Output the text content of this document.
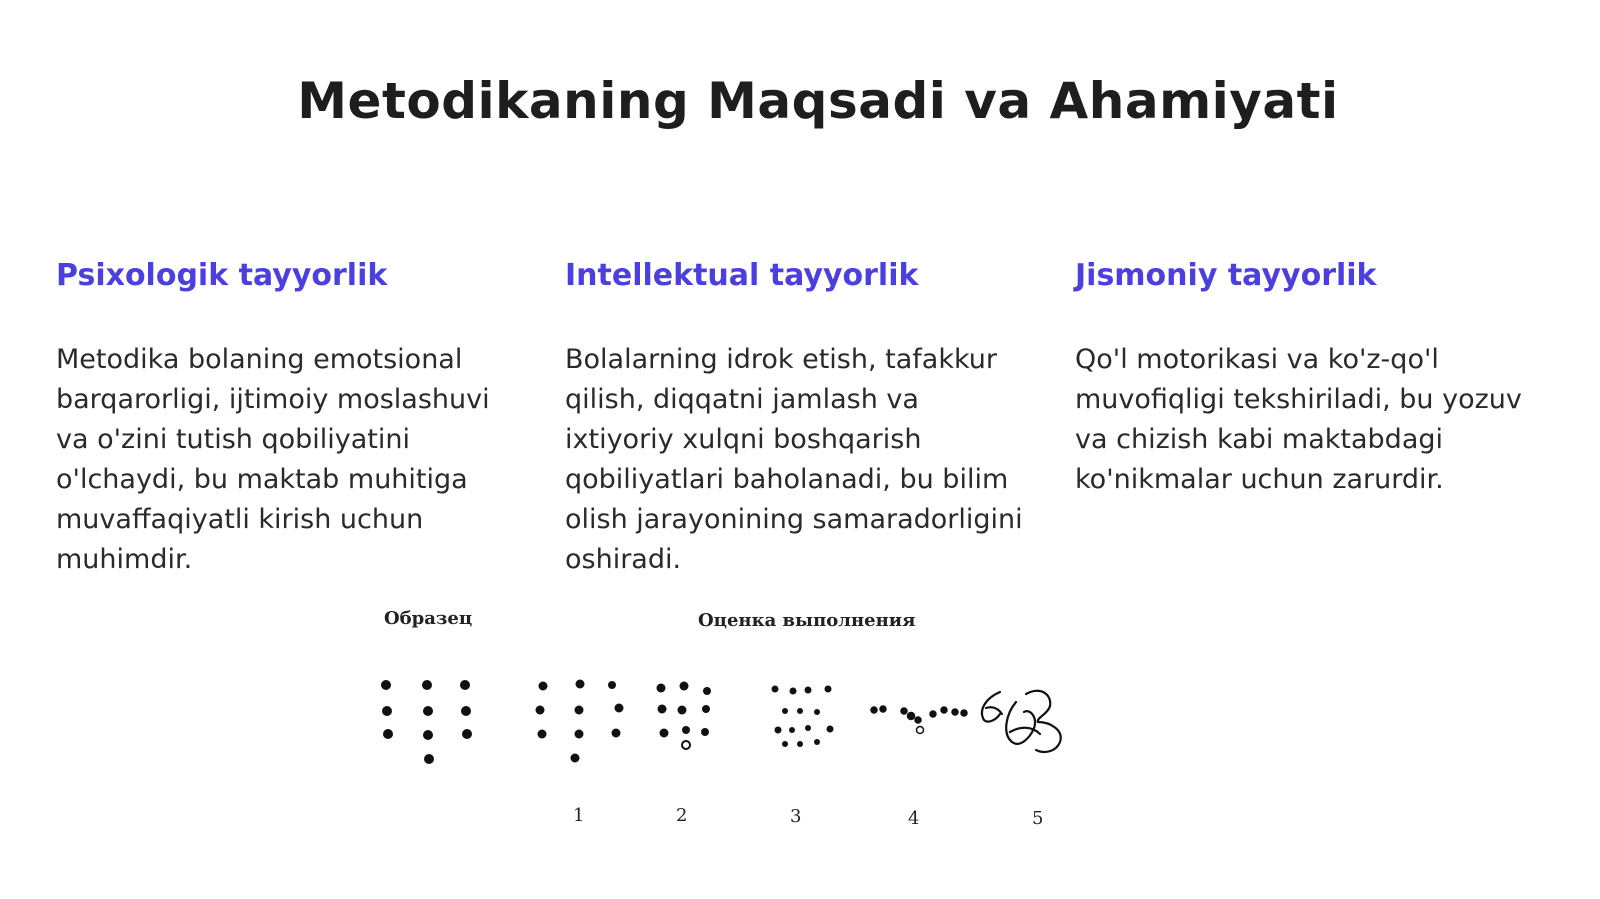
Metodikaning Maqsadi va Ahamiyati
Psixologik tayyorlik

Metodika bolaning emotsional barqarorligi, ijtimoiy moslashuvi va o'zini tutish qobiliyatini o'lchaydi, bu maktab muhitiga muvaffaqiyatli kirish uchun muhimdir.

Intellektual tayyorlik

Bolalarning idrok etish, tafakkur qilish, diqqatni jamlash va ixtiyoriy xulqni boshqarish qobiliyatlari baholanadi, bu bilim olish jarayonining samaradorligini oshiradi.

Jismoniy tayyorlik

Qo'l motorikasi va ko'z-qo'l muvofiqligi tekshiriladi, bu yozuv va chizish kabi maktabdagi ko'nikmalar uchun zarurdir.

Образец	Оценка выполнения
1	2	3	4	5
